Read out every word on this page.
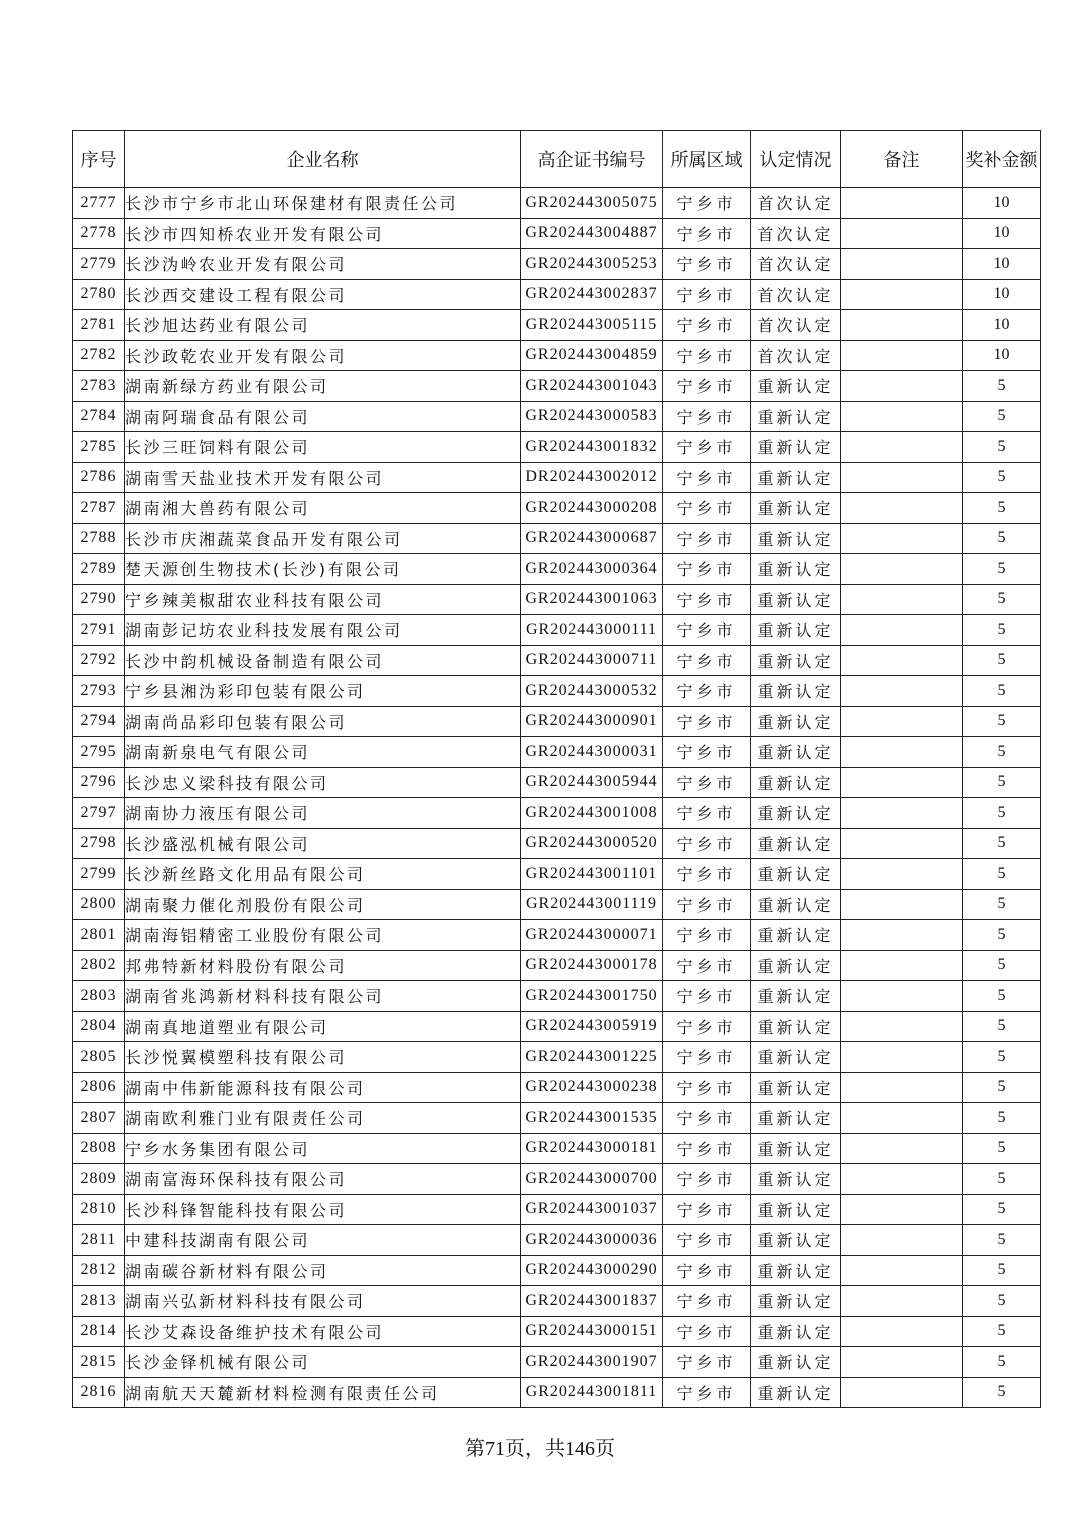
序号	企业名称	高企证书编号	所属区域	认定情况	备注	奖补金额
2777	长沙市宁乡市北山环保建材有限责任公司	GR202443005075	宁乡市	首次认定		10
2778	长沙市四知桥农业开发有限公司	GR202443004887	宁乡市	首次认定		10
2779	长沙沩岭农业开发有限公司	GR202443005253	宁乡市	首次认定		10
2780	长沙西交建设工程有限公司	GR202443002837	宁乡市	首次认定		10
2781	长沙旭达药业有限公司	GR202443005115	宁乡市	首次认定		10
2782	长沙政乾农业开发有限公司	GR202443004859	宁乡市	首次认定		10
2783	湖南新绿方药业有限公司	GR202443001043	宁乡市	重新认定		5
2784	湖南阿瑞食品有限公司	GR202443000583	宁乡市	重新认定		5
2785	长沙三旺饲料有限公司	GR202443001832	宁乡市	重新认定		5
2786	湖南雪天盐业技术开发有限公司	DR202443002012	宁乡市	重新认定		5
2787	湖南湘大兽药有限公司	GR202443000208	宁乡市	重新认定		5
2788	长沙市庆湘蔬菜食品开发有限公司	GR202443000687	宁乡市	重新认定		5
2789	楚天源创生物技术(长沙)有限公司	GR202443000364	宁乡市	重新认定		5
2790	宁乡辣美椒甜农业科技有限公司	GR202443001063	宁乡市	重新认定		5
2791	湖南彭记坊农业科技发展有限公司	GR202443000111	宁乡市	重新认定		5
2792	长沙中韵机械设备制造有限公司	GR202443000711	宁乡市	重新认定		5
2793	宁乡县湘沩彩印包装有限公司	GR202443000532	宁乡市	重新认定		5
2794	湖南尚品彩印包装有限公司	GR202443000901	宁乡市	重新认定		5
2795	湖南新泉电气有限公司	GR202443000031	宁乡市	重新认定		5
2796	长沙忠义梁科技有限公司	GR202443005944	宁乡市	重新认定		5
2797	湖南协力液压有限公司	GR202443001008	宁乡市	重新认定		5
2798	长沙盛泓机械有限公司	GR202443000520	宁乡市	重新认定		5
2799	长沙新丝路文化用品有限公司	GR202443001101	宁乡市	重新认定		5
2800	湖南聚力催化剂股份有限公司	GR202443001119	宁乡市	重新认定		5
2801	湖南海铝精密工业股份有限公司	GR202443000071	宁乡市	重新认定		5
2802	邦弗特新材料股份有限公司	GR202443000178	宁乡市	重新认定		5
2803	湖南省兆鸿新材料科技有限公司	GR202443001750	宁乡市	重新认定		5
2804	湖南真地道塑业有限公司	GR202443005919	宁乡市	重新认定		5
2805	长沙悦翼模塑科技有限公司	GR202443001225	宁乡市	重新认定		5
2806	湖南中伟新能源科技有限公司	GR202443000238	宁乡市	重新认定		5
2807	湖南欧利雅门业有限责任公司	GR202443001535	宁乡市	重新认定		5
2808	宁乡水务集团有限公司	GR202443000181	宁乡市	重新认定		5
2809	湖南富海环保科技有限公司	GR202443000700	宁乡市	重新认定		5
2810	长沙科锋智能科技有限公司	GR202443001037	宁乡市	重新认定		5
2811	中建科技湖南有限公司	GR202443000036	宁乡市	重新认定		5
2812	湖南碳谷新材料有限公司	GR202443000290	宁乡市	重新认定		5
2813	湖南兴弘新材料科技有限公司	GR202443001837	宁乡市	重新认定		5
2814	长沙艾森设备维护技术有限公司	GR202443000151	宁乡市	重新认定		5
2815	长沙金铎机械有限公司	GR202443001907	宁乡市	重新认定		5
2816	湖南航天天麓新材料检测有限责任公司	GR202443001811	宁乡市	重新认定		5
第71页，共146页
